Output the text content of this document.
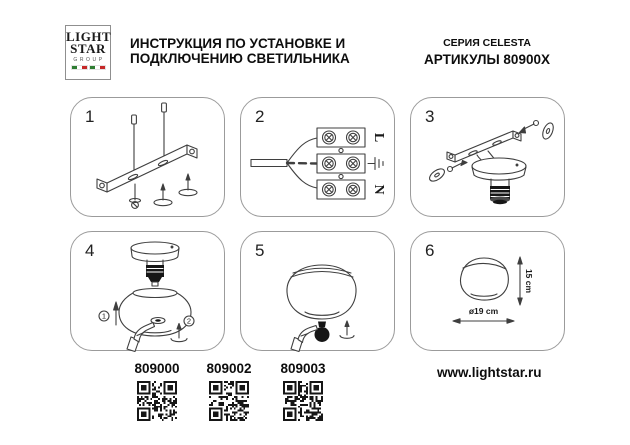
LIGHT
STAR
GROUP
ИНСТРУКЦИЯ ПО УСТАНОВКЕ И
ПОДКЛЮЧЕНИЮ СВЕТИЛЬНИКА
СЕРИЯ CELESTA
АРТИКУЛЫ 80900X
1	2
L
N
3
4
1
2
5	6
15 cm
ø19 cm
809000	809002	809003	www.lightstar.ru
